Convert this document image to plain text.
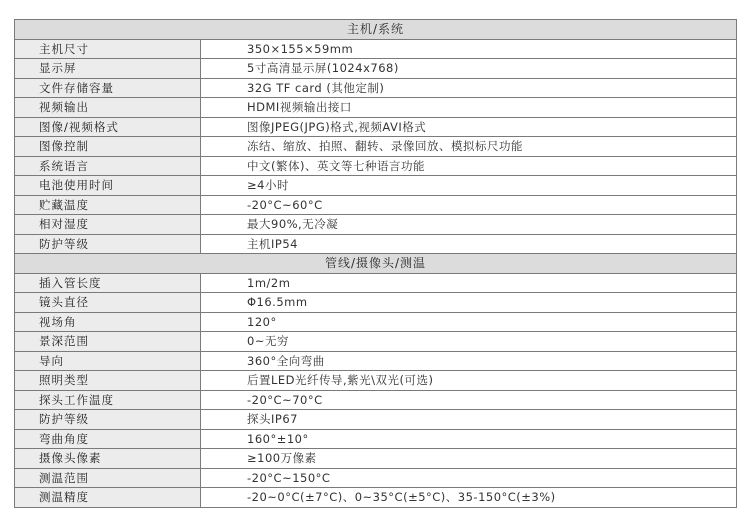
主机/系统	
主机尺寸	350×155×59mm
显示屏	5寸高清显示屏(1024x768)
文件存储容量	32G TF card (其他定制)
视频输出	HDMI视频输出接口
图像/视频格式	图像JPEG(JPG)格式,视频AVI格式
图像控制	冻结、缩放、拍照、翻转、录像回放、模拟标尺功能
系统语言	中文(繁体)、英文等七种语言功能
电池使用时间	≥4小时
贮藏温度	-20°C~60°C
相对湿度	最大90%,无冷凝
防护等级	主机IP54
管线/摄像头/测温	
插入管长度	1m/2m
镜头直径	Φ16.5mm
视场角	120°
景深范围	0~无穷
导向	360°全向弯曲
照明类型	后置LED光纤传导,紫光\双光(可选)
探头工作温度	-20°C~70°C
防护等级	探头IP67
弯曲角度	160°±10°
摄像头像素	≥100万像素
测温范围	-20°C~150°C
测温精度	-20~0°C(±7°C)、0~35°C(±5°C)、35-150°C(±3%)
